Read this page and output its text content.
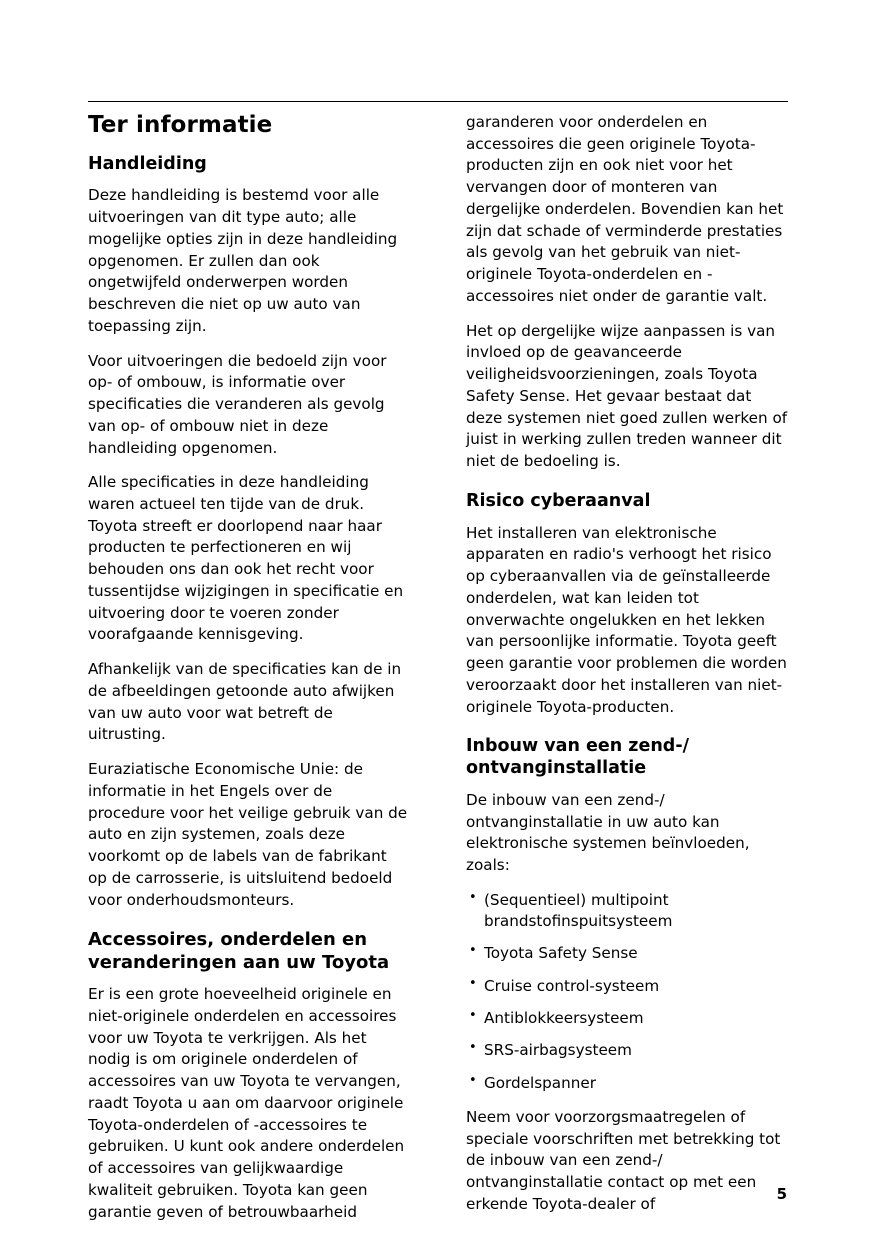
Ter informatie
Handleiding

Deze handleiding is bestemd voor alle uitvoeringen van dit type auto; alle mogelijke opties zijn in deze handleiding opgenomen. Er zullen dan ook ongetwijfeld onderwerpen worden beschreven die niet op uw auto van toepassing zijn.

Voor uitvoeringen die bedoeld zijn voor op- of ombouw, is informatie over specificaties die veranderen als gevolg van op- of ombouw niet in deze handleiding opgenomen.

Alle specificaties in deze handleiding waren actueel ten tijde van de druk. Toyota streeft er doorlopend naar haar producten te perfectioneren en wij behouden ons dan ook het recht voor tussentijdse wijzigingen in specificatie en uitvoering door te voeren zonder voorafgaande kennisgeving.

Afhankelijk van de specificaties kan de in de afbeeldingen getoonde auto afwijken van uw auto voor wat betreft de uitrusting.

Euraziatische Economische Unie: de informatie in het Engels over de procedure voor het veilige gebruik van de auto en zijn systemen, zoals deze voorkomt op de labels van de fabrikant op de carrosserie, is uitsluitend bedoeld voor onderhoudsmonteurs.

Accessoires, onderdelen en veranderingen aan uw Toyota

Er is een grote hoeveelheid originele en niet-originele onderdelen en accessoires voor uw Toyota te verkrijgen. Als het nodig is om originele onderdelen of accessoires van uw Toyota te vervangen, raadt Toyota u aan om daarvoor originele Toyota-onderdelen of -accessoires te gebruiken. U kunt ook andere onderdelen of accessoires van gelijkwaardige kwaliteit gebruiken. Toyota kan geen garantie geven of betrouwbaarheid

garanderen voor onderdelen en accessoires die geen originele Toyota-producten zijn en ook niet voor het vervangen door of monteren van dergelijke onderdelen. Bovendien kan het zijn dat schade of verminderde prestaties als gevolg van het gebruik van niet-originele Toyota-onderdelen en -accessoires niet onder de garantie valt.

Het op dergelijke wijze aanpassen is van invloed op de geavanceerde veiligheidsvoorzieningen, zoals Toyota Safety Sense. Het gevaar bestaat dat deze systemen niet goed zullen werken of juist in werking zullen treden wanneer dit niet de bedoeling is.

Risico cyberaanval

Het installeren van elektronische apparaten en radio's verhoogt het risico op cyberaanvallen via de geïnstalleerde onderdelen, wat kan leiden tot onverwachte ongelukken en het lekken van persoonlijke informatie. Toyota geeft geen garantie voor problemen die worden veroorzaakt door het installeren van niet-originele Toyota-producten.

Inbouw van een zend-/ ontvanginstallatie

De inbouw van een zend-/ ontvanginstallatie in uw auto kan elektronische systemen beïnvloeden, zoals:

• (Sequentieel) multipoint brandstofinspuitsysteem
• Toyota Safety Sense
• Cruise control-systeem
• Antiblokkeersysteem
• SRS-airbagsysteem
• Gordelspanner

Neem voor voorzorgsmaatregelen of speciale voorschriften met betrekking tot de inbouw van een zend-/ ontvanginstallatie contact op met een erkende Toyota-dealer of

5
